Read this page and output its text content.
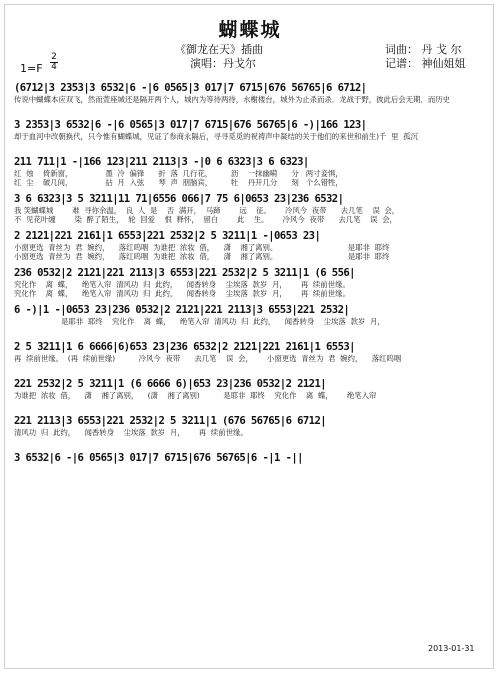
蝴蝶城
《御龙在天》插曲
演唱：丹戈尔
词曲： 丹 戈 尔
记谱： 神仙姐姐
1=F
2
4
(6712|3 2353|3 6532|6 -|6 0565|3 017|7 6715|676 56765|6 6712|
传说中蝴蝶本应双飞，然而萱座城还是隔开两个人，城内为等待两待，水榭楼台，城外为止杀而杀．龙战于野，彼此后会无期．而历史
3 2353|3 6532|6 -|6 0565|3 017|7 6715|676 56765|6 -)|166 123|
却于血河中改朝换代，只今惟有蝴蝶城，见证了参商永隔后，寻寻觅觅的祝祷声中凝结的关于他们的来世和前生)千  里  孤沉
211 711|1 -|166 123|211 2113|3 -|0 6 6323|3 6 6323|
红  烛    倚新窗，              墨  冷  偏锋      折  落  几行花，        沥    一抹幽嗬      分   两寸妾惧，
红  尘    破几间，              拈  月  入弦      琴  声  朋脑宾，        牡    丹开几分      刻   个么错牲，
3 6 6323|3 5 3211|11 71|6556 066|7 75 6|0653 23|236 6532|
我 笑蝴蝶城        难  寻你余温，  良  人  是    否  满开，  马蹄        远    征。      冷风今  夜带      去几笔    误  会，
不  见花叶缠        染  醉了陌生，  轮  回爱    恨  释怀，  留白        此    生。      冷风今  夜带      去几笔    误  会，
2 2121|221 2161|1 6553|221 2532|2 5 3211|1 -|0653 23|
小窗更选  青丝为  君  婉约，    落红呜咽  为谁把  浓妆  借，    潇    湘了离别。                              是耶非  耶终
小窗更选  青丝为  君  婉约，    落红呜咽  为谁把  浓妆  借，    潇    湘了离别。                              是耶非  耶终
236 0532|2 2121|221 2113|3 6553|221 2532|2 5 3211|1 (6 556|
究化作    离  蝶，    绝笔入帘  清风功  归  此约，    闻香转身    尘埃落  款岁  月，      再  续前世缘。
究化作    离  蝶，    绝笔入帘  清风功  归  此约，    闻香转身    尘埃落  款岁  月，      再  续前世缘。
6 -)|1 -|0653 23|236 0532|2 2121|221 2113|3 6553|221 2532|
是耶非  耶终    究化作    离  蝶，    绝笔入帘  清风功  归  此约，    闻香转身    尘埃落  款岁  月，
2 5 3211|1 6 6666|6)653 23|236 6532|2 2121|221 2161|1 6553|
再  续前世缘。  (再  续前世缘)          冷风今  夜带      去几笔    误  会，      小窗更选  青丝为  君  婉约，    落红呜咽
221 2532|2 5 3211|1 (6 6666 6)|653 23|236 0532|2 2121|
为谁把  浓妆  借，    潇    湘了离别，    (潇    湘了离别)          是耶非  耶终    究化作    离  蝶，      绝笔入帘
221 2113|3 6553|221 2532|2 5 3211|1 (676 56765|6 6712|
清风功  归  此约，    闻香转身    尘埃落  款岁  月，      再  续前世缘。
3 6532|6 -|6 0565|3 017|7 6715|676 56765|6 -|1 -||
2013-01-31
